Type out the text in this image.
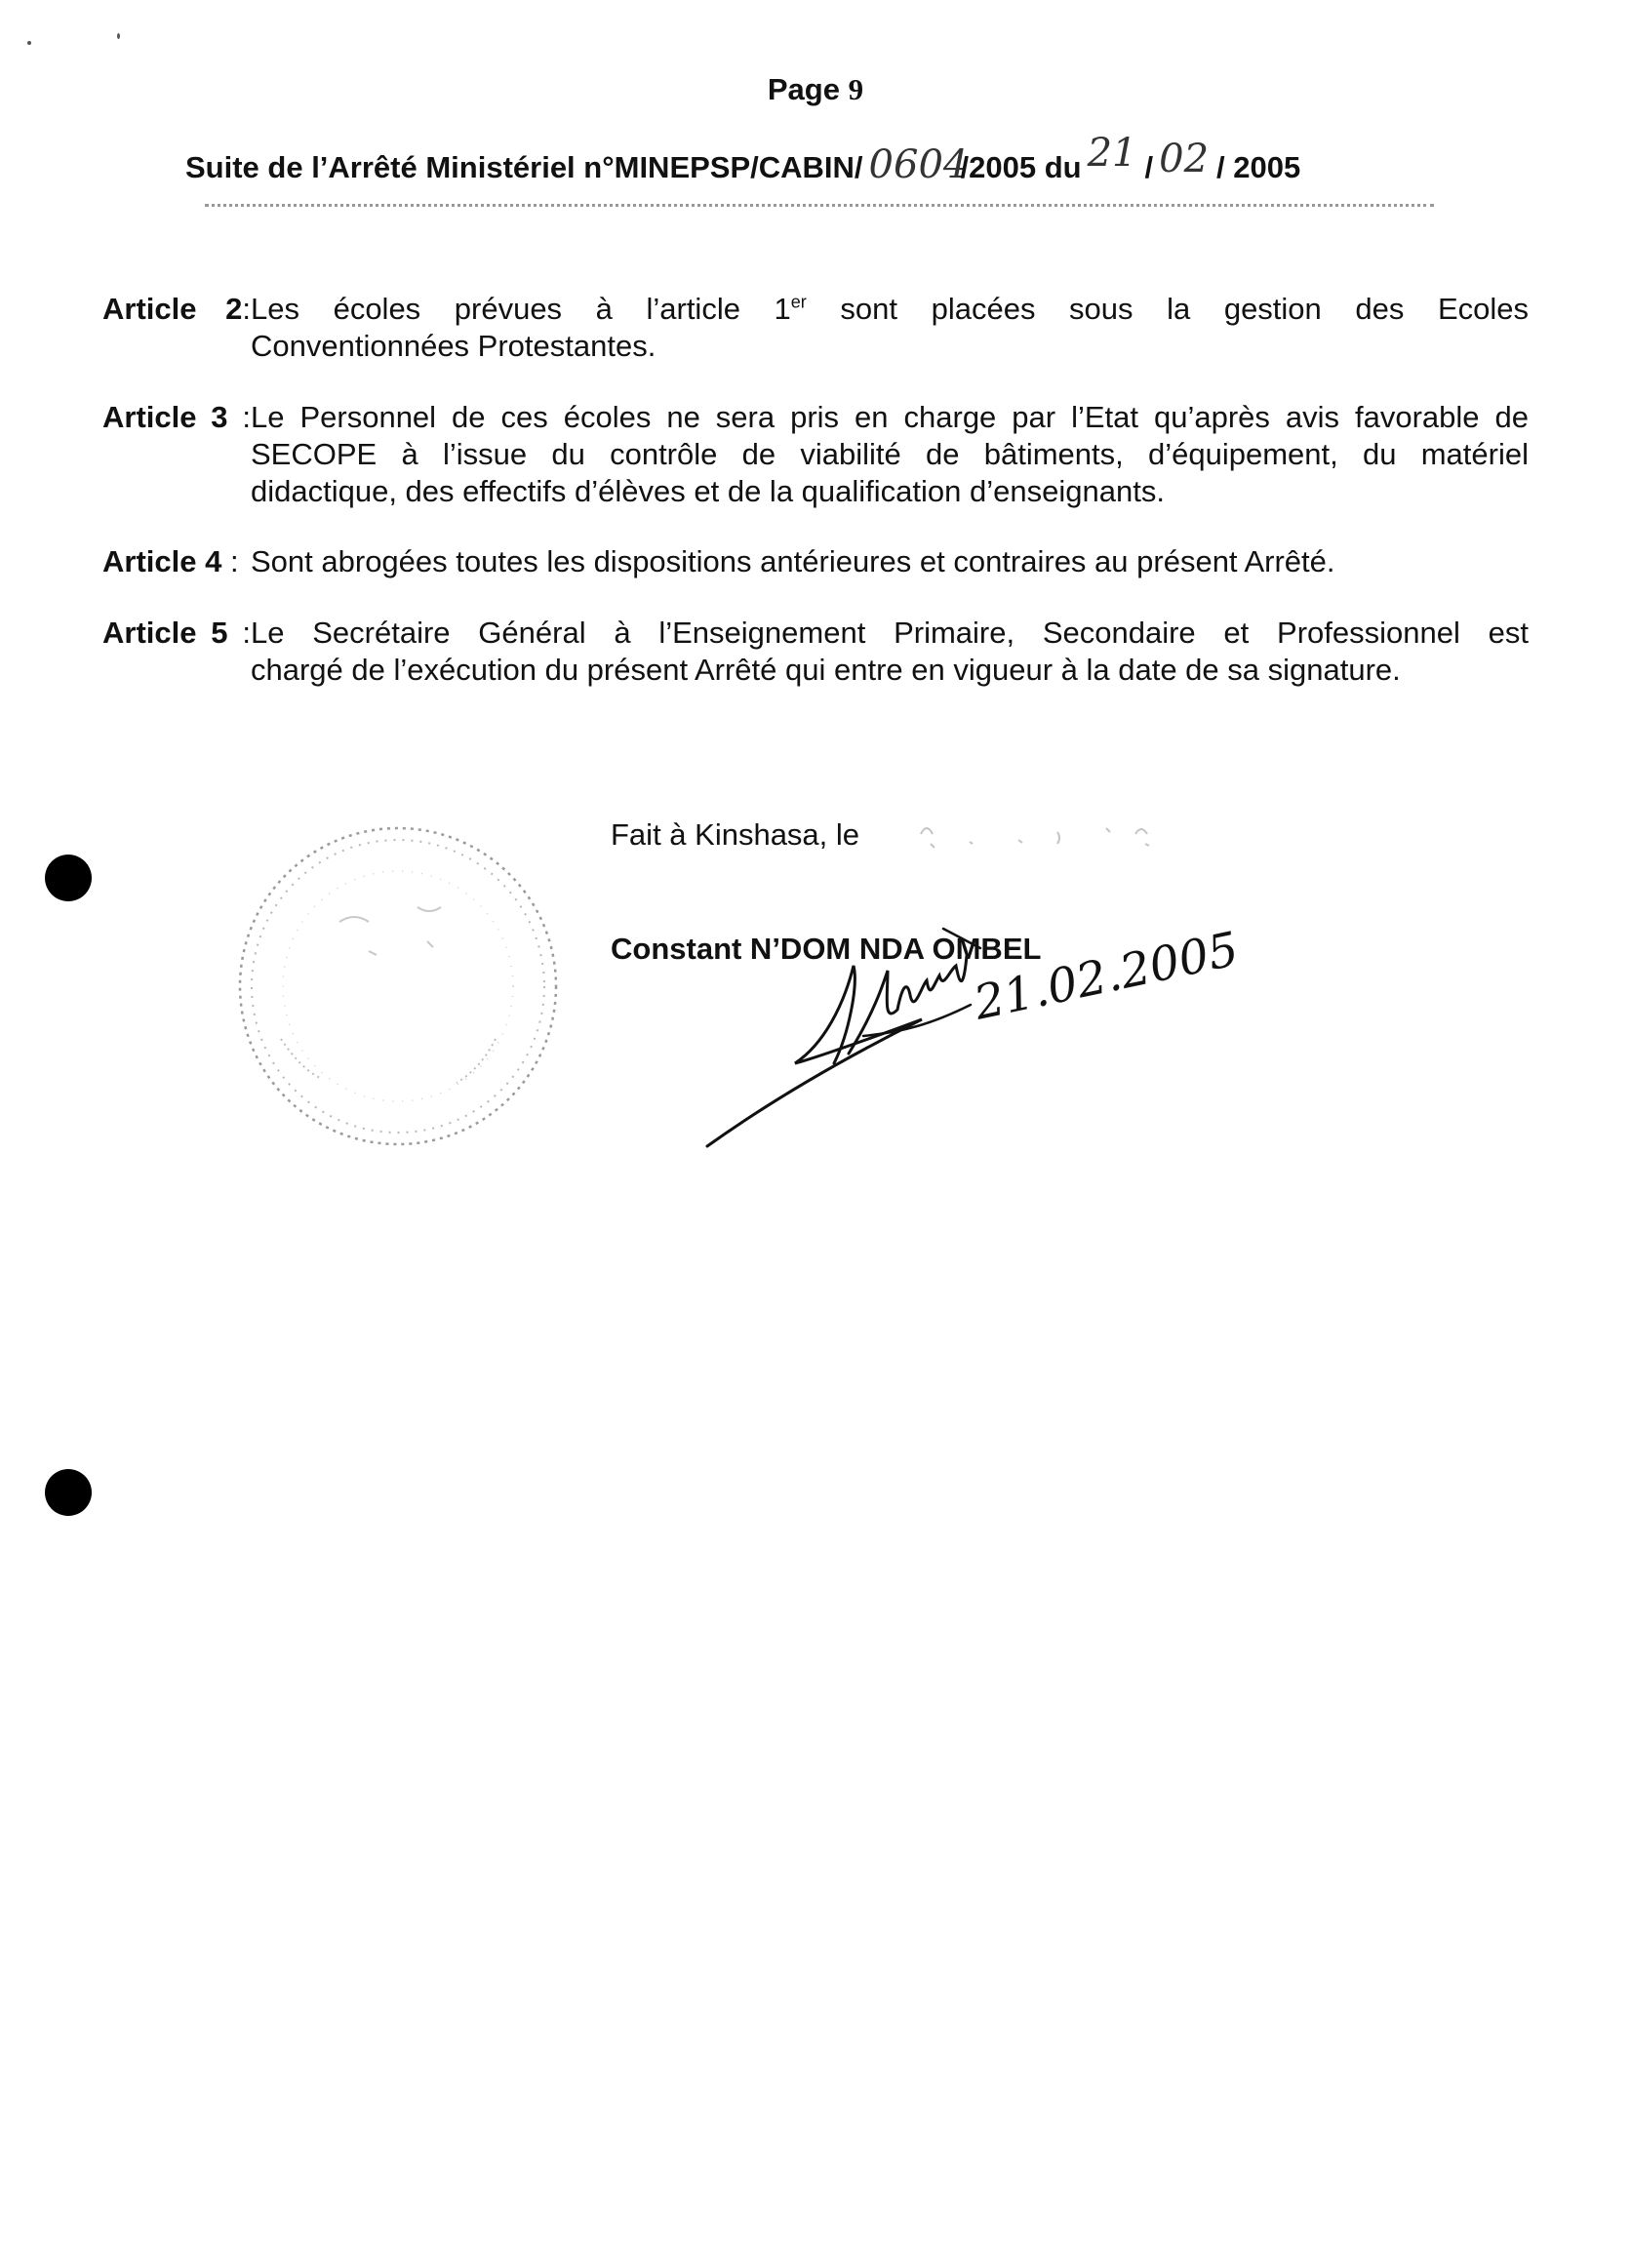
Page 9
Suite de l’Arrêté Ministériel n°MINEPSP/CABIN/ 0604/2005 du 21 / 02 / 2005
Article 2:Les écoles prévues à l’article 1er sont placées sous la gestion des Ecoles
Conventionnées Protestantes.
Article 3 :Le Personnel de ces écoles ne sera pris en charge par l’Etat qu’après avis favorable de
SECOPE à l’issue du contrôle de viabilité de bâtiments, d’équipement, du matériel
didactique, des effectifs d’élèves et de la qualification d’enseignants.
Article 4 : Sont abrogées toutes les dispositions antérieures et contraires au présent Arrêté.
Article 5 :Le Secrétaire Général à l’Enseignement Primaire, Secondaire et Professionnel est
chargé de l’exécution du présent Arrêté qui entre en vigueur à la date de sa signature.
Fait à Kinshasa, le
Constant N’DOM NDA OMBEL
21.02.2005
